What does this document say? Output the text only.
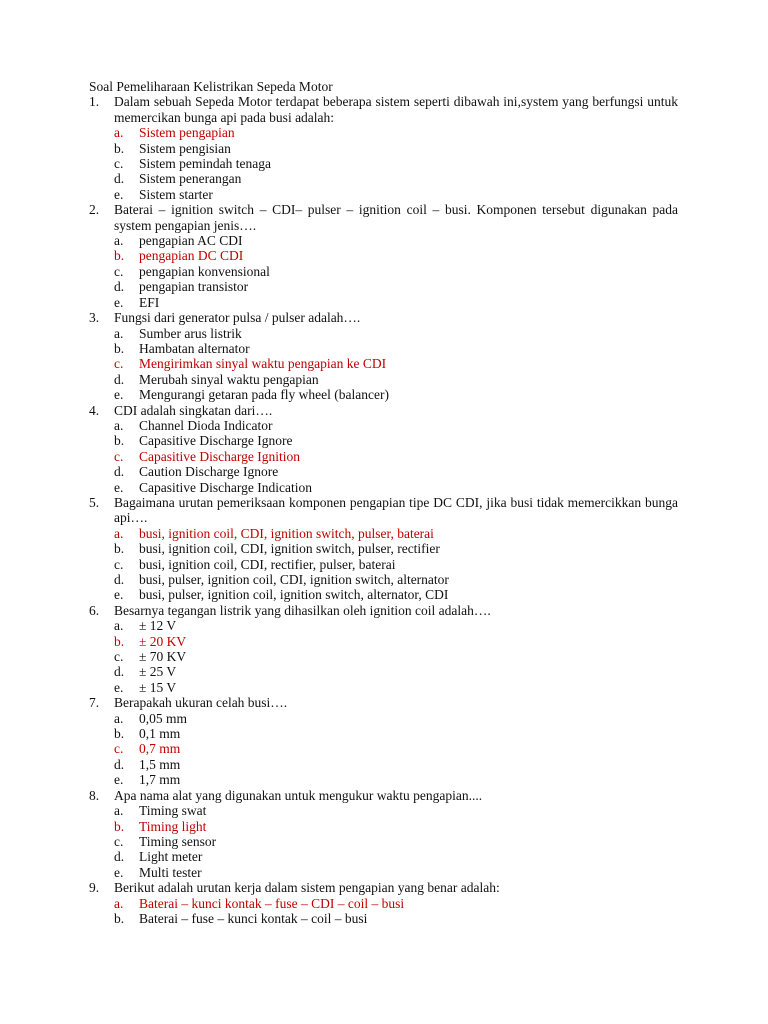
Soal Pemeliharaan Kelistrikan Sepeda Motor

1.	Dalam sebuah Sepeda Motor terdapat beberapa sistem seperti dibawah ini,system yang berfungsi untuk memercikan bunga api pada busi adalah:
a.	Sistem pengapian
b.	Sistem pengisian
c.	Sistem pemindah tenaga
d.	Sistem penerangan
e.	Sistem starter
2.	Baterai – ignition switch – CDI– pulser – ignition coil – busi. Komponen tersebut digunakan pada system pengapian jenis….
a.	pengapian AC CDI
b.	pengapian DC CDI
c.	pengapian konvensional
d.	pengapian transistor
e.	EFI
3.	Fungsi dari generator pulsa / pulser adalah….
a.	Sumber arus listrik
b.	Hambatan alternator
c.	Mengirimkan sinyal waktu pengapian ke CDI
d.	Merubah sinyal waktu pengapian
e.	Mengurangi getaran pada fly wheel (balancer)
4.	CDI adalah singkatan dari….
a.	Channel Dioda Indicator
b.	Capasitive Discharge Ignore
c.	Capasitive Discharge Ignition
d.	Caution Discharge Ignore
e.	Capasitive Discharge Indication
5.	Bagaimana urutan pemeriksaan komponen pengapian tipe DC CDI, jika busi tidak memercikkan bunga api….
a.	busi, ignition coil, CDI, ignition switch, pulser, baterai
b.	busi, ignition coil, CDI, ignition switch, pulser, rectifier
c.	busi, ignition coil, CDI, rectifier, pulser, baterai
d.	busi, pulser, ignition coil, CDI, ignition switch, alternator
e.	busi, pulser, ignition coil, ignition switch, alternator, CDI
6.	Besarnya tegangan listrik yang dihasilkan oleh ignition coil adalah….
a.	± 12 V
b.	± 20 KV
c.	± 70 KV
d.	± 25 V
e.	± 15 V
7.	Berapakah ukuran celah busi….
a.	0,05 mm
b.	0,1 mm
c.	0,7 mm
d.	1,5 mm
e.	1,7 mm
8.	Apa nama alat yang digunakan untuk mengukur waktu pengapian....
a.	Timing swat
b.	Timing light
c.	Timing sensor
d.	Light meter
e.	Multi tester
9.	Berikut adalah urutan kerja dalam sistem pengapian yang benar adalah:
a.	Baterai – kunci kontak – fuse – CDI – coil – busi
b.	Baterai – fuse – kunci kontak – coil – busi
